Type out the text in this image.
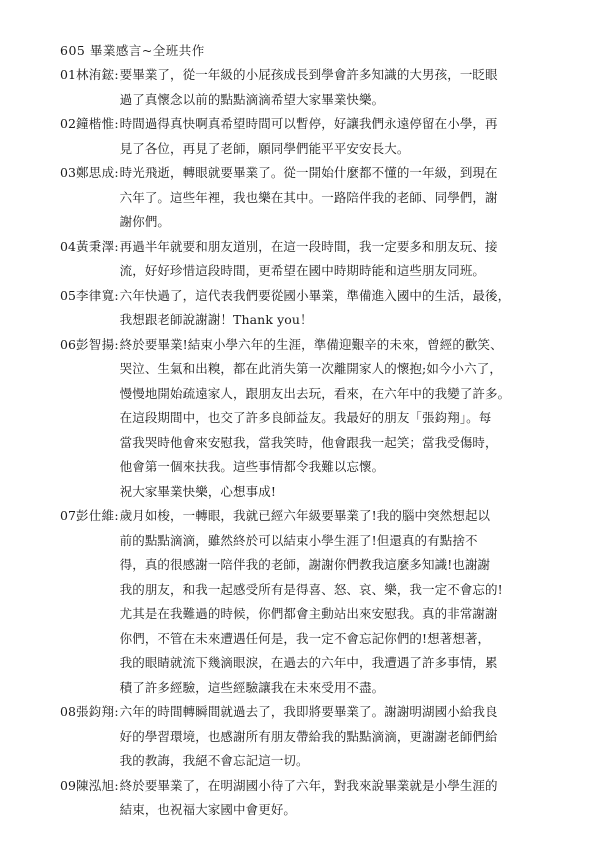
605 畢業感言~全班共作
01 林洧鋐 : 要畢業了，從一年級的小屁孩成長到學會許多知識的大男孩，一眨眼
過了真懷念以前的點點滴滴希望大家畢業快樂。
02 鐘楷惟 : 時間過得真快啊真希望時間可以暫停，好讓我們永遠停留在小學，再
見了各位，再見了老師，願同學們能平平安安長大。
03 鄭思成 : 時光飛逝，轉眼就要畢業了。從一開始什麼都不懂的一年級，到現在
六年了。這些年裡，我也樂在其中。一路陪伴我的老師、同學們，謝
謝你們。
04 黃秉澤 : 再過半年就要和朋友道別，在這一段時間，我一定要多和朋友玩、接
流，好好珍惜這段時間，更希望在國中時期時能和這些朋友同班。
05 李律寬 : 六年快過了，這代表我們要從國小畢業，準備進入國中的生活，最後，
我想跟老師說謝謝！Thank you！
06 彭智揚 : 終於要畢業!結束小學六年的生涯，準備迎艱辛的未來，曾經的歡笑、
哭泣、生氣和出糗，都在此消失第一次離開家人的懷抱;如今小六了，
慢慢地開始疏遠家人，跟朋友出去玩，看來，在六年中的我變了許多。
在這段期間中，也交了許多良師益友。我最好的朋友「張鈞翔」。每
當我哭時他會來安慰我，當我笑時，他會跟我一起笑；當我受傷時，
他會第一個來扶我。這些事情都令我難以忘懷。
祝大家畢業快樂，心想事成!
07 彭仕維 : 歲月如梭，一轉眼，我就已經六年級要畢業了!我的腦中突然想起以
前的點點滴滴，雖然終於可以結束小學生涯了!但還真的有點捨不
得，真的很感謝一陪伴我的老師，謝謝你們教我這麼多知識!也謝謝
我的朋友，和我一起感受所有是得喜、怒、哀、樂，我一定不會忘的!
尤其是在我難過的時候，你們都會主動站出來安慰我。真的非常謝謝
你們，不管在未來遭遇任何是，我一定不會忘記你們的!想著想著，
我的眼睛就流下幾滴眼淚，在過去的六年中，我遭遇了許多事情，累
積了許多經驗，這些經驗讓我在未來受用不盡。
08 張鈞翔 : 六年的時間轉瞬間就過去了，我即將要畢業了。謝謝明湖國小給我良
好的學習環境，也感謝所有朋友帶給我的點點滴滴，更謝謝老師們給
我的教誨，我絕不會忘記這一切。
09 陳泓旭 : 終於要畢業了，在明湖國小待了六年，對我來說畢業就是小學生涯的
結束，也祝福大家國中會更好。
